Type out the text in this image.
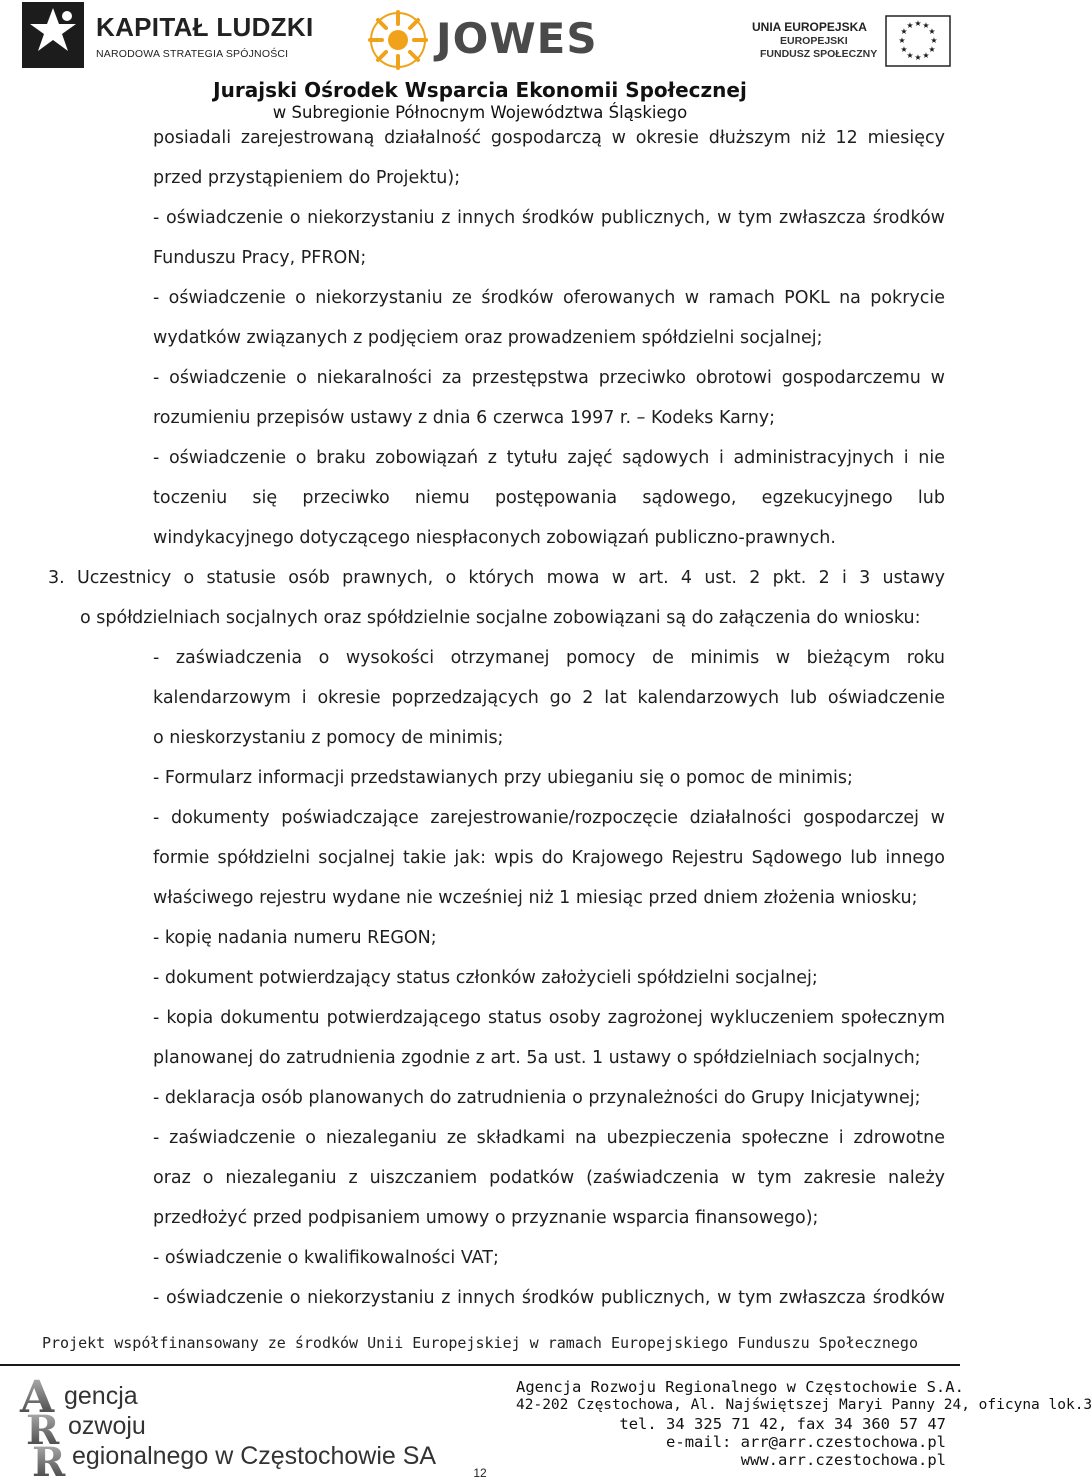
KAPITAŁ LUDZKI
NARODOWA STRATEGIA SPÓJNOŚCI	JOWES	UNIA EUROPEJSKA
EUROPEJSKI
FUNDUSZ SPOŁECZNY
★ ★
★
★
★
★
★
★
★
★
★
★
Jurajski Ośrodek Wsparcia Ekonomii Społecznej
w Subregionie Północnym Województwa Śląskiego
posiadali zarejestrowaną działalność gospodarczą w okresie dłuższym niż 12 miesięcy
przed przystąpieniem do Projektu);
- oświadczenie o niekorzystaniu z innych środków publicznych, w tym zwłaszcza środków
Funduszu Pracy, PFRON;
- oświadczenie o niekorzystaniu ze środków oferowanych w ramach POKL na pokrycie
wydatków związanych z podjęciem oraz prowadzeniem spółdzielni socjalnej;
- oświadczenie o niekaralności za przestępstwa przeciwko obrotowi gospodarczemu w
rozumieniu przepisów ustawy z dnia 6 czerwca 1997 r. – Kodeks Karny;
- oświadczenie o braku zobowiązań z tytułu zajęć sądowych i administracyjnych i nie
toczeniu się przeciwko niemu postępowania sądowego, egzekucyjnego lub
windykacyjnego dotyczącego niespłaconych zobowiązań publiczno-prawnych.
3. Uczestnicy o statusie osób prawnych, o których mowa w art. 4 ust. 2 pkt. 2 i 3 ustawy
o spółdzielniach socjalnych oraz spółdzielnie socjalne zobowiązani są do załączenia do wniosku:
- zaświadczenia o wysokości otrzymanej pomocy de minimis w bieżącym roku
kalendarzowym i okresie poprzedzających go 2 lat kalendarzowych lub oświadczenie
o nieskorzystaniu z pomocy de minimis;
- Formularz informacji przedstawianych przy ubieganiu się o pomoc de minimis;
- dokumenty poświadczające zarejestrowanie/rozpoczęcie działalności gospodarczej w
formie spółdzielni socjalnej takie jak: wpis do Krajowego Rejestru Sądowego lub innego
właściwego rejestru wydane nie wcześniej niż 1 miesiąc przed dniem złożenia wniosku;
- kopię nadania numeru REGON;
- dokument potwierdzający status członków założycieli spółdzielni socjalnej;
- kopia dokumentu potwierdzającego status osoby zagrożonej wykluczeniem społecznym
planowanej do zatrudnienia zgodnie z art. 5a ust. 1 ustawy o spółdzielniach socjalnych;
- deklaracja osób planowanych do zatrudnienia o przynależności do Grupy Inicjatywnej;
- zaświadczenie o niezaleganiu ze składkami na ubezpieczenia społeczne i zdrowotne
oraz o niezaleganiu z uiszczaniem podatków (zaświadczenia w tym zakresie należy
przedłożyć przed podpisaniem umowy o przyznanie wsparcia finansowego);
- oświadczenie o kwalifikowalności VAT;
- oświadczenie o niekorzystaniu z innych środków publicznych, w tym zwłaszcza środków
Projekt współfinansowany ze środków Unii Europejskiej w ramach Europejskiego Funduszu Społecznego
A
R
R
gencja
ozwoju
egionalnego w Częstochowie SA
Agencja Rozwoju Regionalnego w Częstochowie S.A.
42-202 Częstochowa, Al. Najświętszej Maryi Panny 24, oficyna lok.3
tel. 34 325 71 42, fax 34 360 57 47
e-mail: arr@arr.czestochowa.pl
www.arr.czestochowa.pl
12
